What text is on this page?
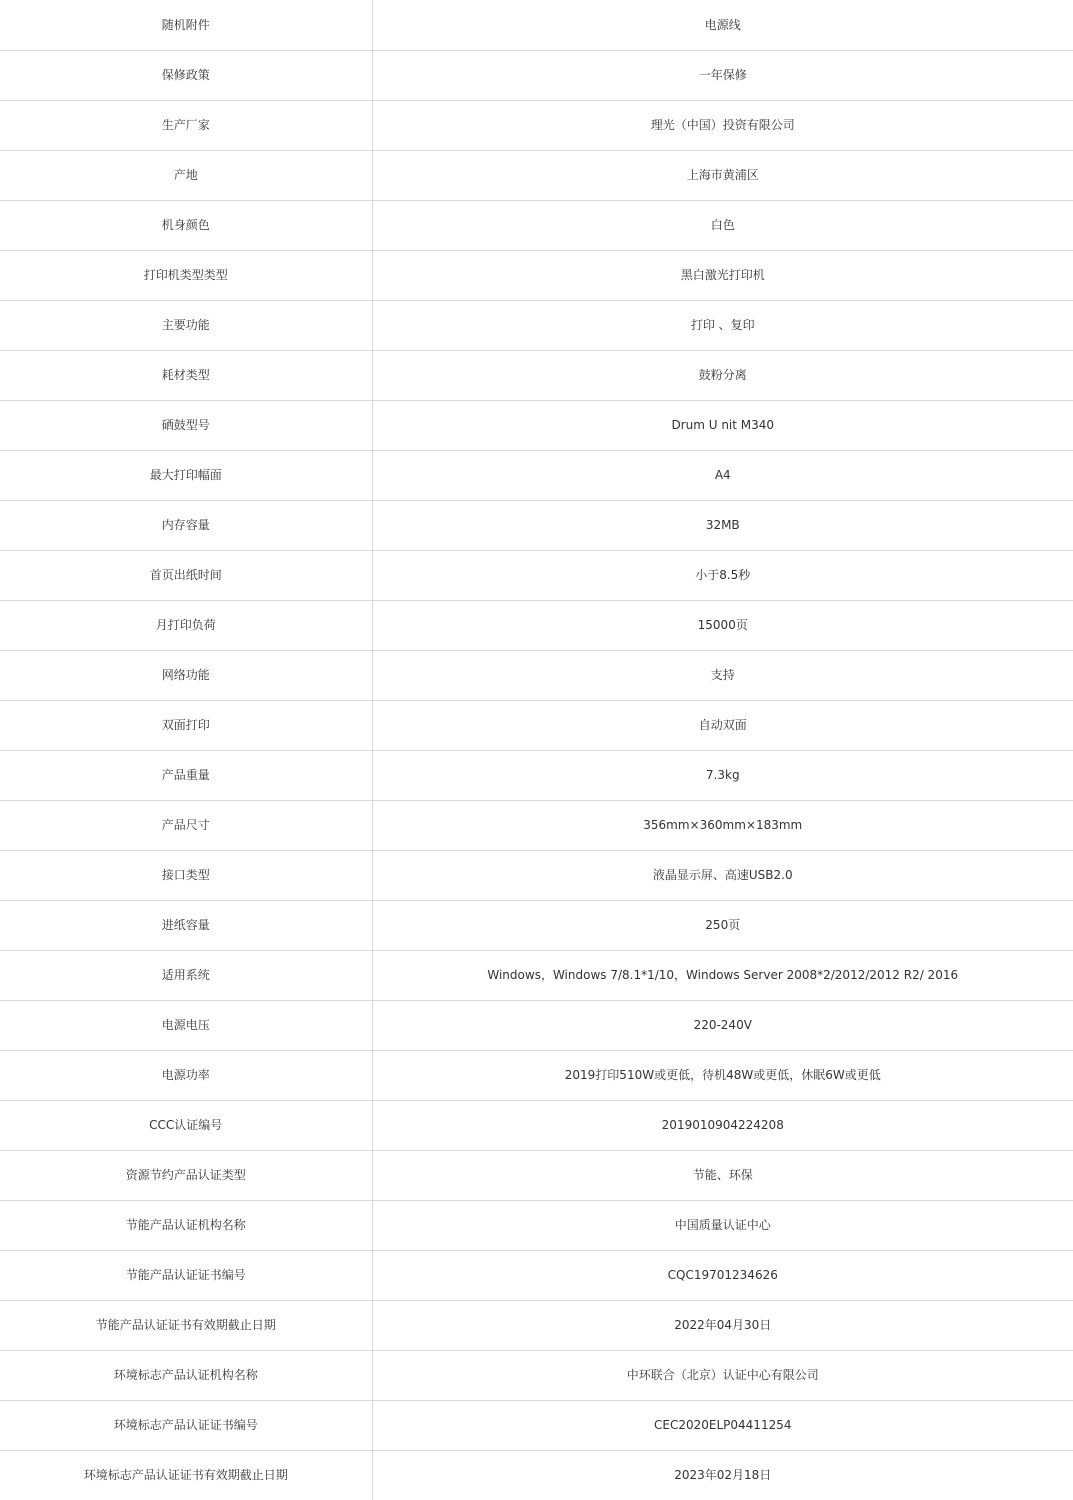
随机附件	电源线
保修政策	一年保修
生产厂家	理光（中国）投资有限公司
产地	上海市黄浦区
机身颜色	白色
打印机类型类型	黑白激光打印机
主要功能	打印 、复印
耗材类型	鼓粉分离
硒鼓型号	Drum U nit M340
最大打印幅面	A4
内存容量	32MB
首页出纸时间	小于8.5秒
月打印负荷	15000页
网络功能	支持
双面打印	自动双面
产品重量	7.3kg
产品尺寸	356mm×360mm×183mm
接口类型	液晶显示屏、高速USB2.0
进纸容量	250页
适用系统	Windows，Windows 7/8.1*1/10，Windows Server 2008*2/2012/2012 R2/ 2016
电源电压	220-240V
电源功率	2019打印510W或更低，待机48W或更低，休眠6W或更低
CCC认证编号	2019010904224208
资源节约产品认证类型	节能、环保
节能产品认证机构名称	中国质量认证中心
节能产品认证证书编号	CQC19701234626
节能产品认证证书有效期截止日期	2022年04月30日
环境标志产品认证机构名称	中环联合（北京）认证中心有限公司
环境标志产品认证证书编号	CEC2020ELP04411254
环境标志产品认证证书有效期截止日期	2023年02月18日
